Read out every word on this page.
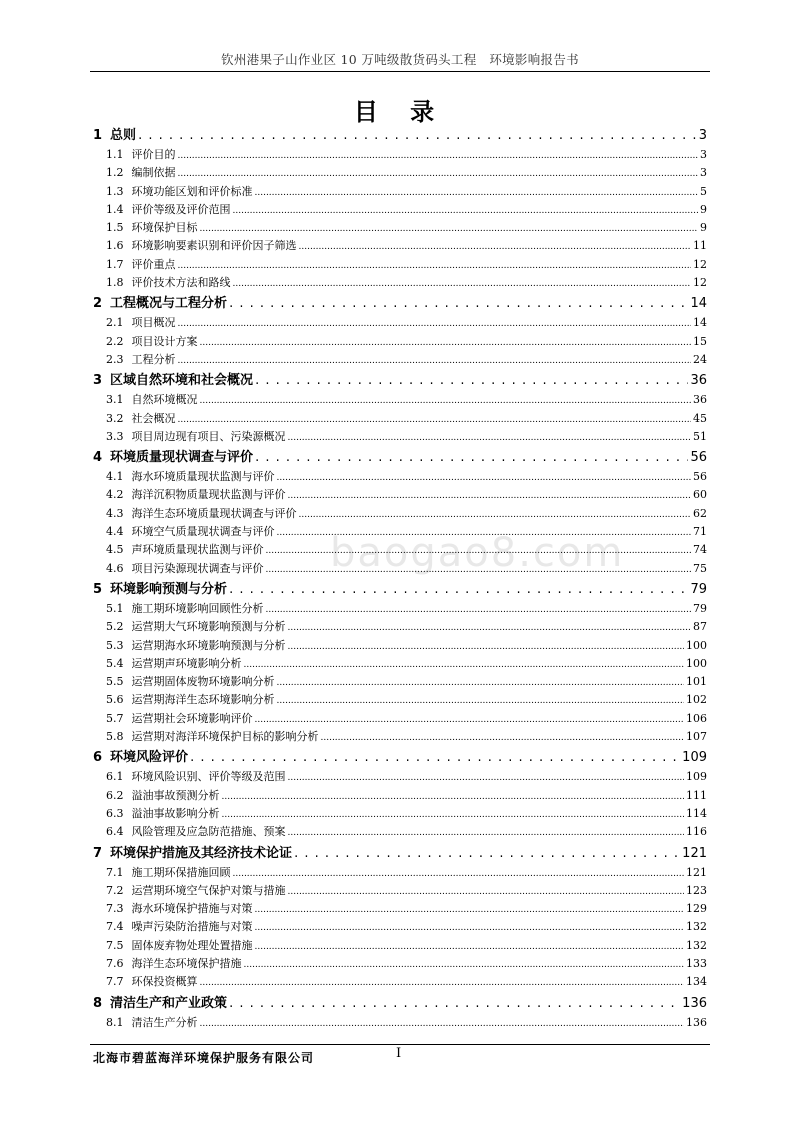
钦州港果子山作业区 10 万吨级散货码头工程　环境影响报告书
目 录
baogao8.com
1 总则 . . .	3
1.1 评价目的 .....	3
1.2 编制依据 .....	3
1.3 环境功能区划和评价标准 .....	5
1.4 评价等级及评价范围 .....	9
1.5 环境保护目标 .....	9
1.6 环境影响要素识别和评价因子筛选 .....	11
1.7 评价重点 .....	12
1.8 评价技术方法和路线 .....	12
2 工程概况与工程分析 . . .	14
2.1 项目概况 .....	14
2.2 项目设计方案 .....	15
2.3 工程分析 .....	24
3 区域自然环境和社会概况 . . .	36
3.1 自然环境概况 .....	36
3.2 社会概况 .....	45
3.3 项目周边现有项目、污染源概况 .....	51
4 环境质量现状调查与评价 . . .	56
4.1 海水环境质量现状监测与评价 .....	56
4.2 海洋沉积物质量现状监测与评价 .....	60
4.3 海洋生态环境质量现状调查与评价 .....	62
4.4 环境空气质量现状调查与评价 .....	71
4.5 声环境质量现状监测与评价 .....	74
4.6 项目污染源现状调查与评价 .....	75
5 环境影响预测与分析 . . .	79
5.1 施工期环境影响回顾性分析 .....	79
5.2 运营期大气环境影响预测与分析 .....	87
5.3 运营期海水环境影响预测与分析 .....	100
5.4 运营期声环境影响分析 .....	100
5.5 运营期固体废物环境影响分析 .....	101
5.6 运营期海洋生态环境影响分析 .....	102
5.7 运营期社会环境影响评价 .....	106
5.8 运营期对海洋环境保护目标的影响分析 .....	107
6 环境风险评价 . . .	109
6.1 环境风险识别、评价等级及范围 .....	109
6.2 溢油事故预测分析 .....	111
6.3 溢油事故影响分析 .....	114
6.4 风险管理及应急防范措施、预案 .....	116
7 环境保护措施及其经济技术论证 . . .	121
7.1 施工期环保措施回顾 .....	121
7.2 运营期环境空气保护对策与措施 .....	123
7.3 海水环境保护措施与对策 .....	129
7.4 噪声污染防治措施与对策 .....	132
7.5 固体废弃物处理处置措施 .....	132
7.6 海洋生态环境保护措施 .....	133
7.7 环保投资概算 .....	134
8 清洁生产和产业政策 . . .	136
8.1 清洁生产分析 .....	136
北海市碧蓝海洋环境保护服务有限公司	I
